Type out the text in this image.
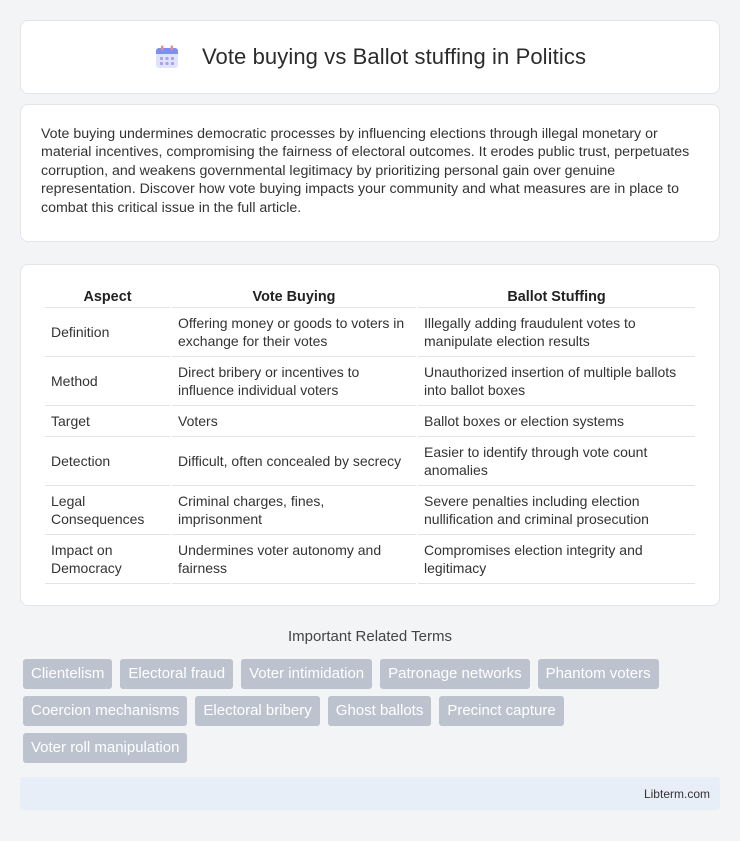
Vote buying vs Ballot stuffing in Politics

Vote buying undermines democratic processes by influencing elections through illegal monetary or material incentives, compromising the fairness of electoral outcomes. It erodes public trust, perpetuates corruption, and weakens governmental legitimacy by prioritizing personal gain over genuine representation. Discover how vote buying impacts your community and what measures are in place to combat this critical issue in the full article.

Aspect	Vote Buying	Ballot Stuffing
Definition	Offering money or goods to voters in exchange for their votes	Illegally adding fraudulent votes to manipulate election results
Method	Direct bribery or incentives to influence individual voters	Unauthorized insertion of multiple ballots into ballot boxes
Target	Voters	Ballot boxes or election systems
Detection	Difficult, often concealed by secrecy	Easier to identify through vote count anomalies
Legal Consequences	Criminal charges, fines, imprisonment	Severe penalties including election nullification and criminal prosecution
Impact on Democracy	Undermines voter autonomy and fairness	Compromises election integrity and legitimacy
Important Related Terms
Clientelism	Electoral fraud	Voter intimidation	Patronage networks	Phantom voters
Coercion mechanisms	Electoral bribery	Ghost ballots	Precinct capture
Voter roll manipulation
Libterm.com
